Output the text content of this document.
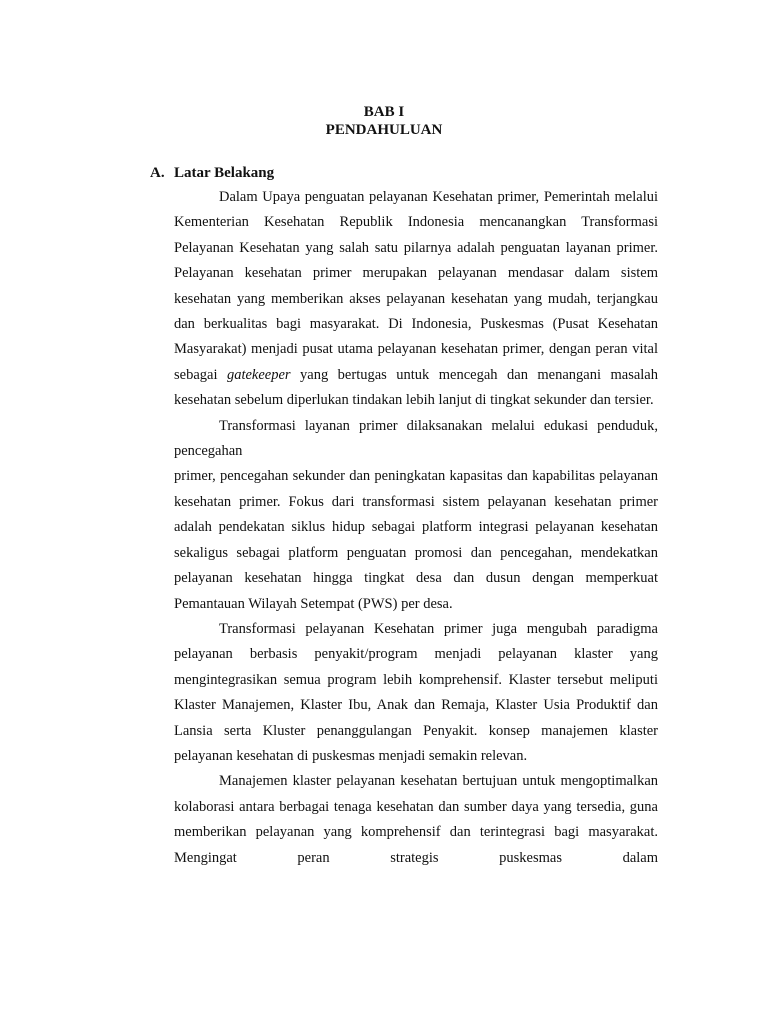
BAB I
PENDAHULUAN
A. Latar Belakang

Dalam Upaya penguatan pelayanan Kesehatan primer, Pemerintah melalui Kementerian Kesehatan Republik Indonesia mencanangkan Transformasi Pelayanan Kesehatan yang salah satu pilarnya adalah penguatan layanan primer. Pelayanan kesehatan primer merupakan pelayanan mendasar dalam sistem kesehatan yang memberikan akses pelayanan kesehatan yang mudah, terjangkau dan berkualitas bagi masyarakat. Di Indonesia, Puskesmas (Pusat Kesehatan Masyarakat) menjadi pusat utama pelayanan kesehatan primer, dengan peran vital sebagai gatekeeper yang bertugas untuk mencegah dan menangani masalah kesehatan sebelum diperlukan tindakan lebih lanjut di tingkat sekunder dan tersier.

Transformasi layanan primer dilaksanakan melalui edukasi penduduk, pencegahan

primer, pencegahan sekunder dan peningkatan kapasitas dan kapabilitas pelayanan kesehatan primer. Fokus dari transformasi sistem pelayanan kesehatan primer adalah pendekatan siklus hidup sebagai platform integrasi pelayanan kesehatan sekaligus sebagai platform penguatan promosi dan pencegahan, mendekatkan pelayanan kesehatan hingga tingkat desa dan dusun dengan memperkuat Pemantauan Wilayah Setempat (PWS) per desa.

Transformasi pelayanan Kesehatan primer juga mengubah paradigma pelayanan berbasis penyakit/program menjadi pelayanan klaster yang mengintegrasikan semua program lebih komprehensif. Klaster tersebut meliputi Klaster Manajemen, Klaster Ibu, Anak dan Remaja, Klaster Usia Produktif dan Lansia serta Kluster penanggulangan Penyakit. konsep manajemen klaster pelayanan kesehatan di puskesmas menjadi semakin relevan.

Manajemen klaster pelayanan kesehatan bertujuan untuk mengoptimalkan kolaborasi antara berbagai tenaga kesehatan dan sumber daya yang tersedia, guna memberikan pelayanan yang komprehensif dan terintegrasi bagi masyarakat. Mengingat peran strategis puskesmas dalam
